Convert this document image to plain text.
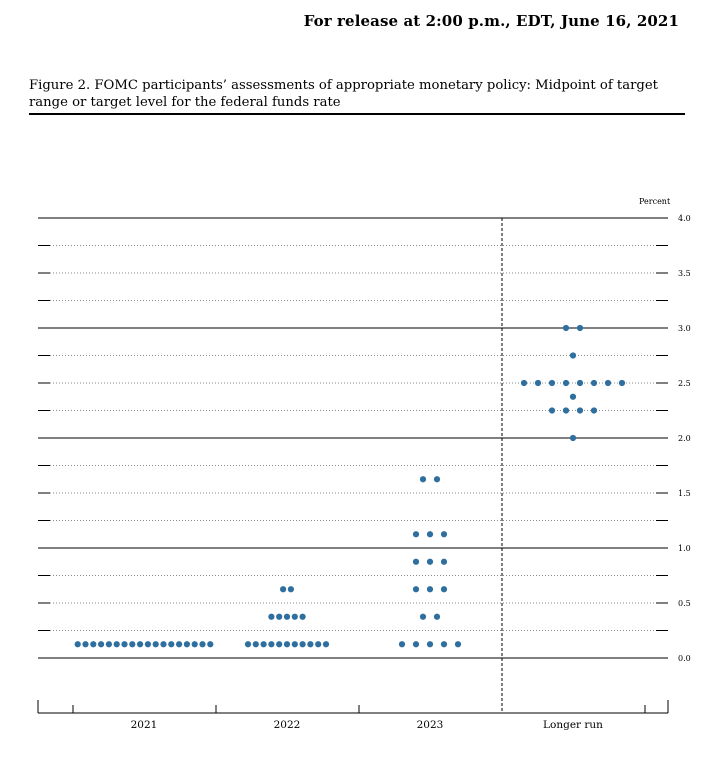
For release at 2:00 p.m., EDT, June 16, 2021
Figure 2. FOMC participants’ assessments of appropriate monetary policy: Midpoint of target range or target level for the federal funds rate
0.0
0.5
1.0
1.5
2.0
2.5
3.0
3.5
4.0
Percent
2021	2022	2023	Longer run
